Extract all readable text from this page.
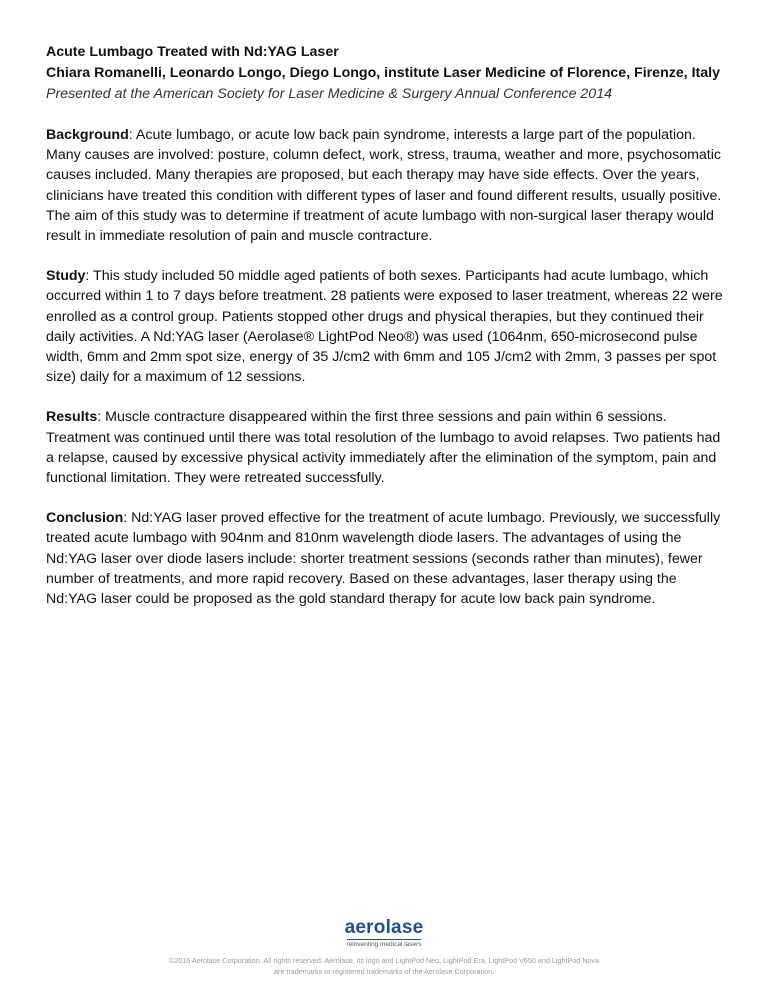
Acute Lumbago Treated with Nd:YAG Laser

Chiara Romanelli, Leonardo Longo, Diego Longo, institute Laser Medicine of Florence, Firenze, Italy

Presented at the American Society for Laser Medicine & Surgery Annual Conference 2014

Background: Acute lumbago, or acute low back pain syndrome, interests a large part of the population. Many causes are involved: posture, column defect, work, stress, trauma, weather and more, psychosomatic causes included. Many therapies are proposed, but each therapy may have side effects. Over the years, clinicians have treated this condition with different types of laser and found different results, usually positive. The aim of this study was to determine if treatment of acute lumbago with non-surgical laser therapy would result in immediate resolution of pain and muscle contracture.

Study: This study included 50 middle aged patients of both sexes. Participants had acute lumbago, which occurred within 1 to 7 days before treatment. 28 patients were exposed to laser treatment, whereas 22 were enrolled as a control group. Patients stopped other drugs and physical therapies, but they continued their daily activities. A Nd:YAG laser (Aerolase® LightPod Neo®) was used (1064nm, 650-microsecond pulse width, 6mm and 2mm spot size, energy of 35 J/cm2 with 6mm and 105 J/cm2 with 2mm, 3 passes per spot size) daily for a maximum of 12 sessions.

Results: Muscle contracture disappeared within the first three sessions and pain within 6 sessions. Treatment was continued until there was total resolution of the lumbago to avoid relapses. Two patients had a relapse, caused by excessive physical activity immediately after the elimination of the symptom, pain and functional limitation. They were retreated successfully.

Conclusion: Nd:YAG laser proved effective for the treatment of acute lumbago. Previously, we successfully treated acute lumbago with 904nm and 810nm wavelength diode lasers. The advantages of using the Nd:YAG laser over diode lasers include: shorter treatment sessions (seconds rather than minutes), fewer number of treatments, and more rapid recovery. Based on these advantages, laser therapy using the Nd:YAG laser could be proposed as the gold standard therapy for acute low back pain syndrome.

aerolase
reinventing medical lasers
©2016 Aerolase Corporation. All rights reserved. Aerolase, its logo and LightPod Neo, LightPod Era, LightPod V650 and LightPod Nova
are trademarks or registered trademarks of the Aerolase Corporation.
